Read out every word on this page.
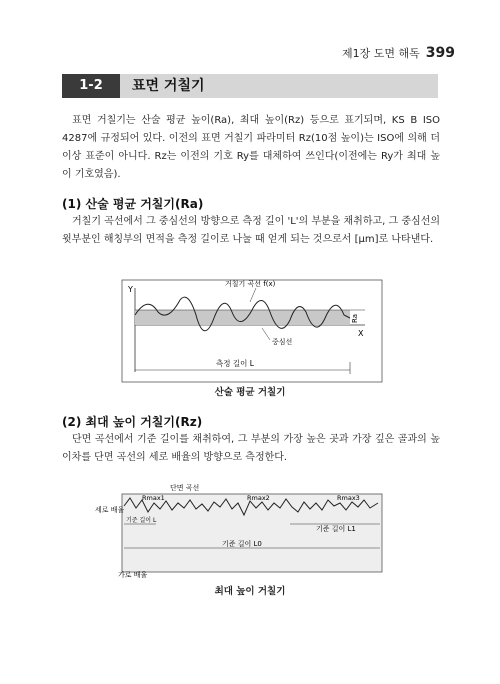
제1장 도면 해독 399
1-2	표면 거칠기

표면 거칠기는 산술 평균 높이(Ra), 최대 높이(Rz) 등으로 표기되며, KS B ISO 4287에 규정되어 있다. 이전의 표면 거칠기 파라미터 Rz(10점 높이)는 ISO에 의해 더 이상 표준이 아니다. Rz는 이전의 기호 Ry를 대체하여 쓰인다(이전에는 Ry가 최대 높이 기호였음).

(1) 산술 평균 거칠기(Ra)

거칠기 곡선에서 그 중심선의 방향으로 측정 길이 'L'의 부분을 채취하고, 그 중심선의 윗부분인 해칭부의 면적을 측정 길이로 나눌 때 얻게 되는 것으로서 [μm]로 나타낸다.

Y
X
거칠기 곡선 f(x)
중심선
Ra
측정 길이 L
산술 평균 거칠기
(2) 최대 높이 거칠기(Rz)

단면 곡선에서 기준 길이를 채취하여, 그 부분의 가장 높은 곳과 가장 깊은 골과의 높이차를 단면 곡선의 세로 배율의 방향으로 측정한다.

단면 곡선
Rmax1	Rmax2	Rmax3
기준 길이 L
기준 길이 L1
기준 길이 L0
세로 배율
가로 배율
최대 높이 거칠기
